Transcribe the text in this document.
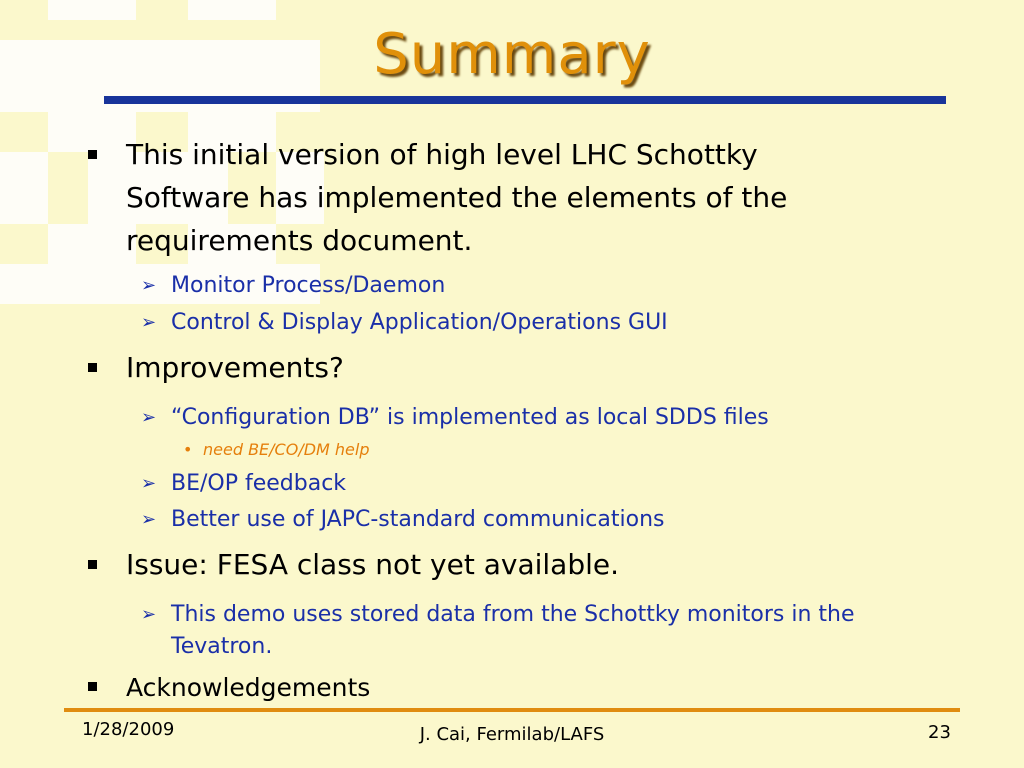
Summary
This initial version of high level LHC Schottky
Software has implemented the elements of the
requirements document.
➢ Monitor Process/Daemon
➢ Control & Display Application/Operations GUI
Improvements?
➢ “Configuration DB” is implemented as local SDDS files
• need BE/CO/DM help
➢ BE/OP feedback
➢ Better use of JAPC-standard communications
Issue: FESA class not yet available.
➢ This demo uses stored data from the Schottky monitors in the
Tevatron.
Acknowledgements
1/28/2009	J. Cai, Fermilab/LAFS	23
